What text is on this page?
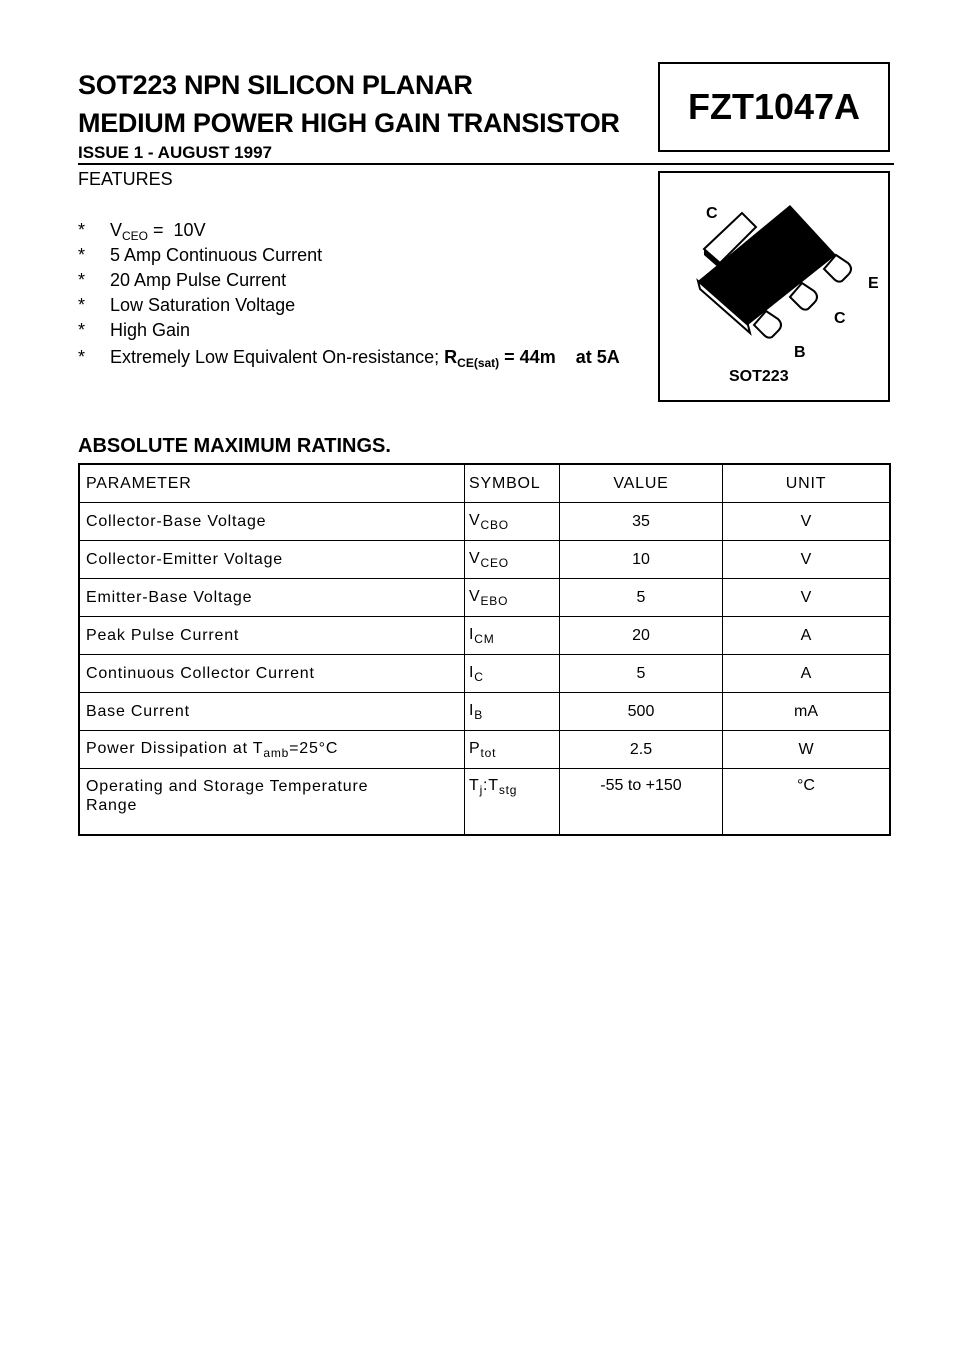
SOT223 NPN SILICON PLANAR
MEDIUM POWER HIGH GAIN TRANSISTOR
ISSUE 1 - AUGUST 1997
FZT1047A
FEATURES
*	$V_{CEO} = 10V$
*	5 Amp Continuous Current
*	20 Amp Pulse Current
*	Low Saturation Voltage
*	High Gain
*	Extremely Low Equivalent On-resistance; $R_{CE(sat)} = 44m$ at 5A
C
E
C
B
SOT223
ABSOLUTE MAXIMUM RATINGS.
PARAMETER	SYMBOL	VALUE	UNIT
Collector-Base Voltage	$V_{CBO}$	35	V
Collector-Emitter Voltage	$V_{CEO}$	10	V
Emitter-Base Voltage	$V_{EBO}$	5	V
Peak Pulse Current	$I_{CM}$	20	A
Continuous Collector Current	$I_C$	5	A
Base Current	$I_B$	500	mA
Power Dissipation at $T_{amb}=25^\circ C$	$P_{tot}$	2.5	W

Operating and Storage Temperature Range	$T_j:T_{stg}$	-55 to +150	°C
